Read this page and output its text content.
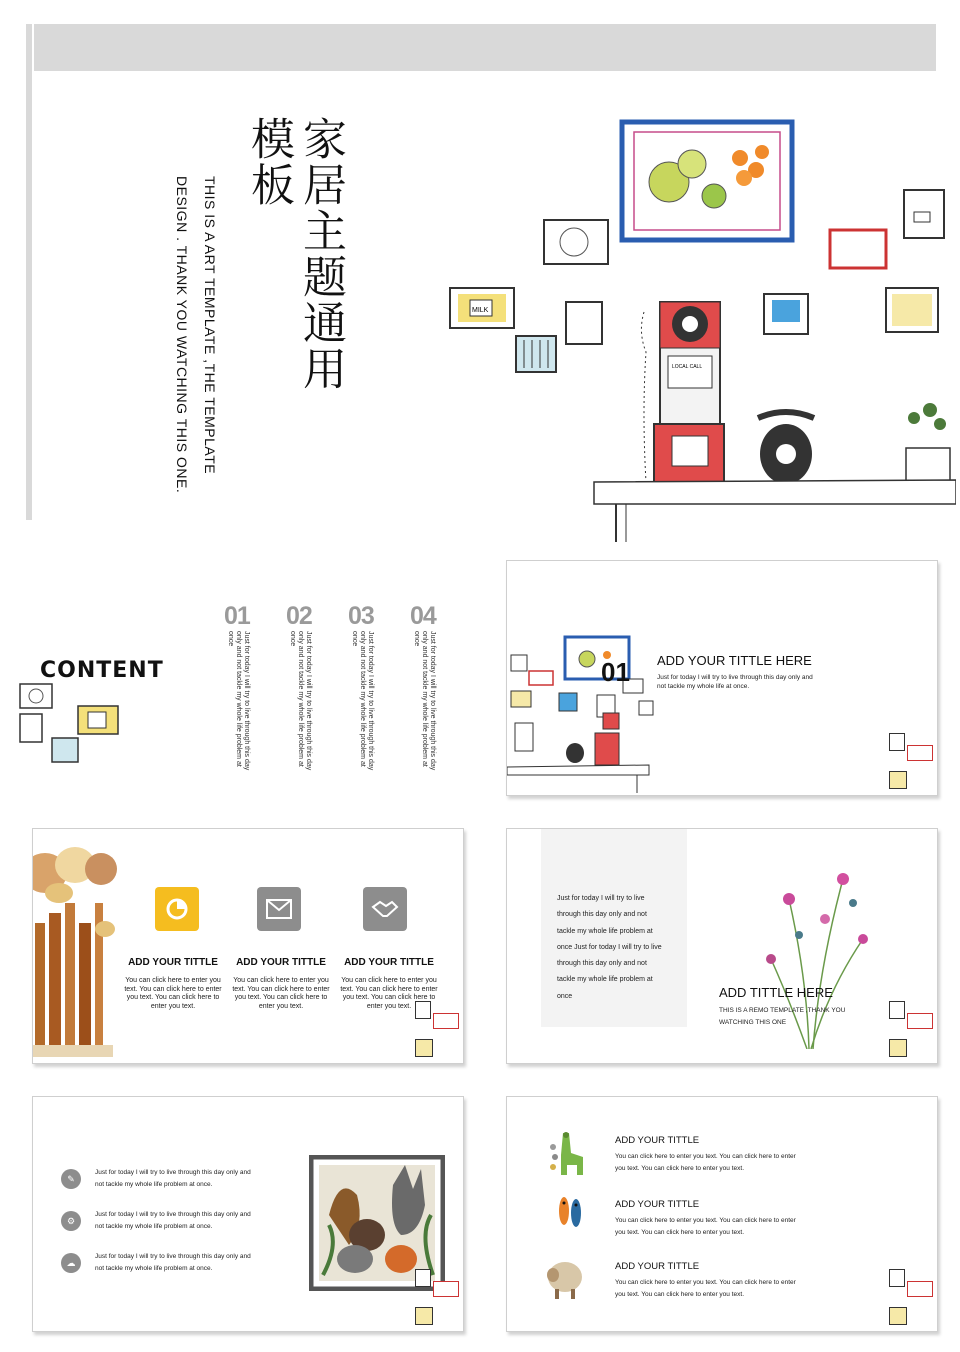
家居主题通用
模板
THIS IS A ART TEMPLATE ,THE TEMPLATE
DESIGN . THANK YOU WATCHING THIS ONE.	MILK
LOCAL CALL
CONTENT
01
Just for today I will try to live through this day only and not tackle my whole life problem at once
02
Just for today I will try to live through this day only and not tackle my whole life problem at once
03
Just for today I will try to live through this day only and not tackle my whole life problem at once
04
Just for today I will try to live through this day only and not tackle my whole life problem at once
01 ADD YOUR TITTLE HERE
Just for today I will try to live through this day only and not tackle my whole life at once.
ADD YOUR TITTLE
You can click here to enter you text. You can click here to enter you text. You can click here to enter you text.
ADD YOUR TITTLE
You can click here to enter you text. You can click here to enter you text. You can click here to enter you text.
ADD YOUR TITTLE
You can click here to enter you text. You can click here to enter you text. You can click here to enter you text.
Just for today I will try to live
through this day only and not
tackle my whole life problem at
once Just for today I will try to live
through this day only and not
tackle my whole life problem at
once	ADD TITTLE HERE
THIS IS A REMO TEMPLATE ,THANK YOU
WATCHING THIS ONE
✎
Just for today I will try to live through this day only and
not tackle my whole life problem at once.
⚙
Just for today I will try to live through this day only and
not tackle my whole life problem at once.
☁
Just for today I will try to live through this day only and
not tackle my whole life problem at once.
ADD YOUR TITTLE
You can click here to enter you text. You can click here to enter
you text. You can click here to enter you text.
ADD YOUR TITTLE
You can click here to enter you text. You can click here to enter
you text. You can click here to enter you text.
ADD YOUR TITTLE
You can click here to enter you text. You can click here to enter
you text. You can click here to enter you text.
